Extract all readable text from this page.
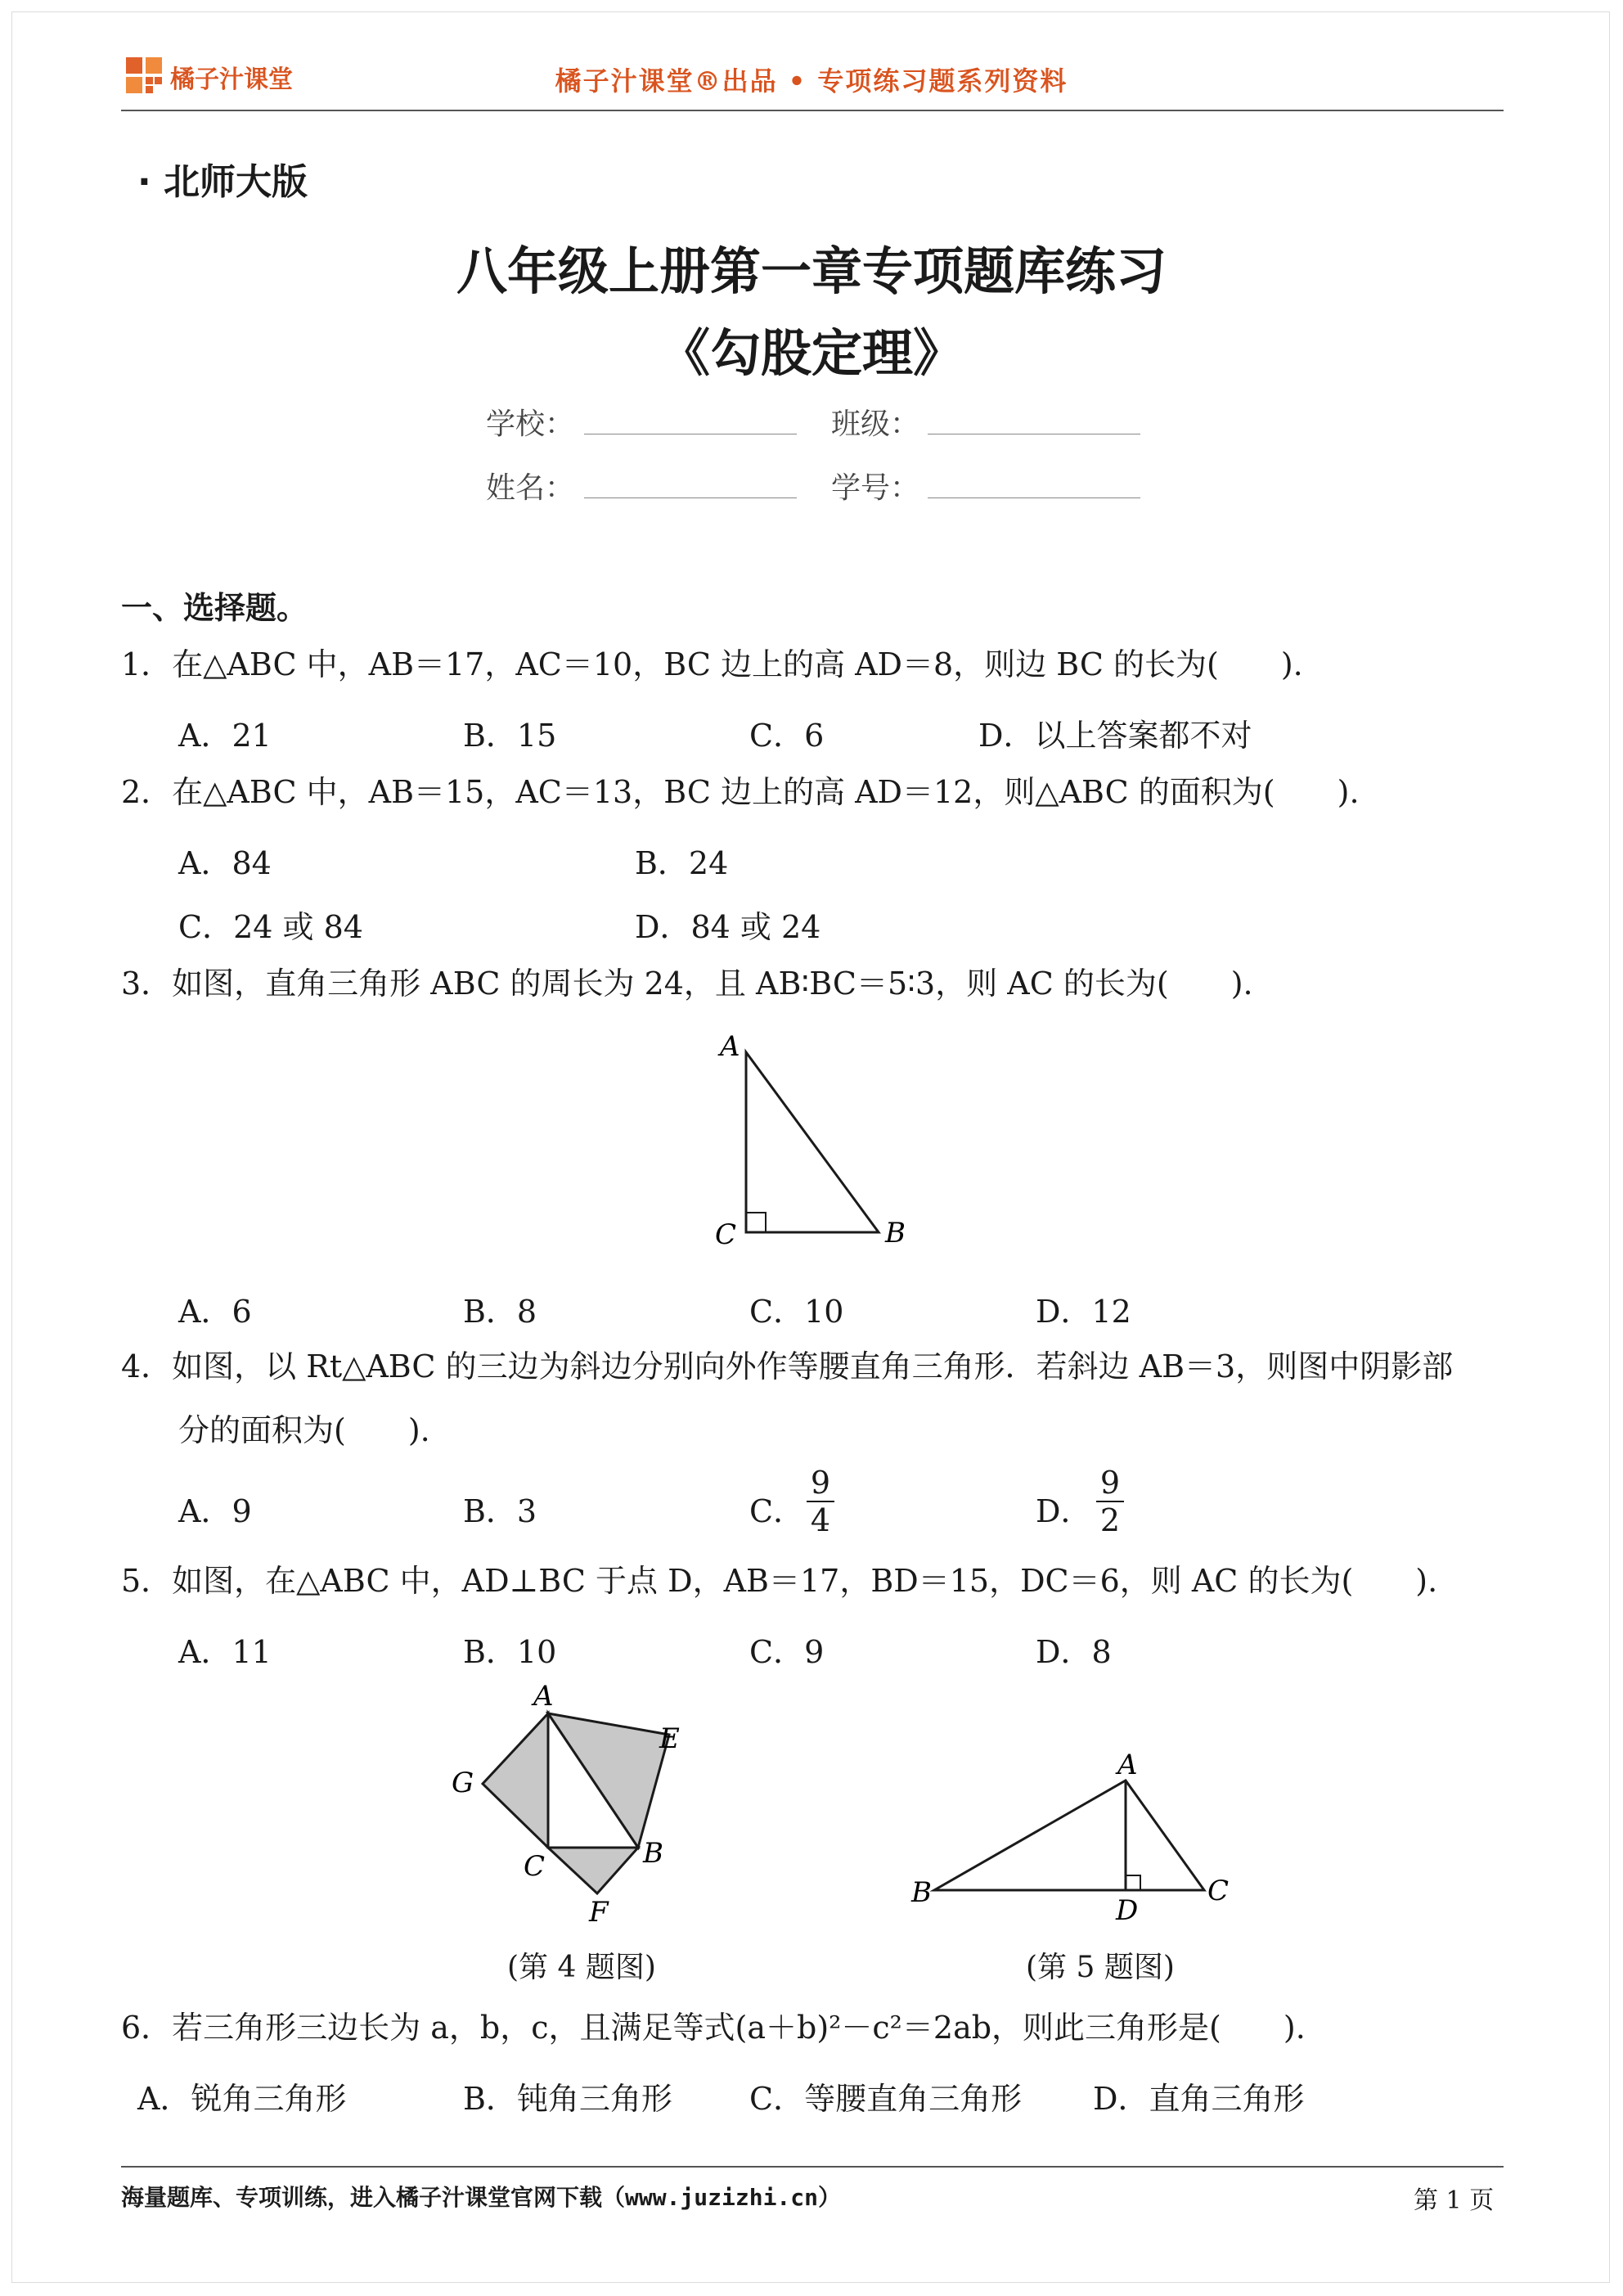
橘子汁课堂	橘子汁课堂®出品 • 专项练习题系列资料
· 北师大版
八年级上册第一章专项题库练习
《勾股定理》
学校：	班级：
姓名：	学号：
一、选择题。
1．在△ABC 中，AB＝17，AC＝10，BC 边上的高 AD＝8，则边 BC 的长为(　　).
A．21	B．15	C．6	D．以上答案都不对
2．在△ABC 中，AB＝15，AC＝13，BC 边上的高 AD＝12，则△ABC 的面积为(　　).
A．84	B．24
C．24 或 84	D．84 或 24
3．如图，直角三角形 ABC 的周长为 24，且 AB∶BC＝5∶3，则 AC 的长为(　　).
A
C	B
A．6	B．8	C．10	D．12
4．如图，以 Rt△ABC 的三边为斜边分别向外作等腰直角三角形．若斜边 AB＝3，则图中阴影部
分的面积为(　　).
A．9	B．3	C．
9
4	D．
9
2
5．如图，在△ABC 中，AD⊥BC 于点 D，AB＝17，BD＝15，DC＝6，则 AC 的长为(　　).
A．11	B．10	C．9	D．8
A
G
E
C	B
F
(第 4 题图)
A
B	C
D
(第 5 题图)
6．若三角形三边长为 a，b，c，且满足等式(a＋b)²－c²＝2ab，则此三角形是(　　).
A．锐角三角形	B．钝角三角形 C．等腰直角三角形 D．直角三角形
海量题库、专项训练，进入橘子汁课堂官网下载（www.juzizhi.cn）	第 1 页
